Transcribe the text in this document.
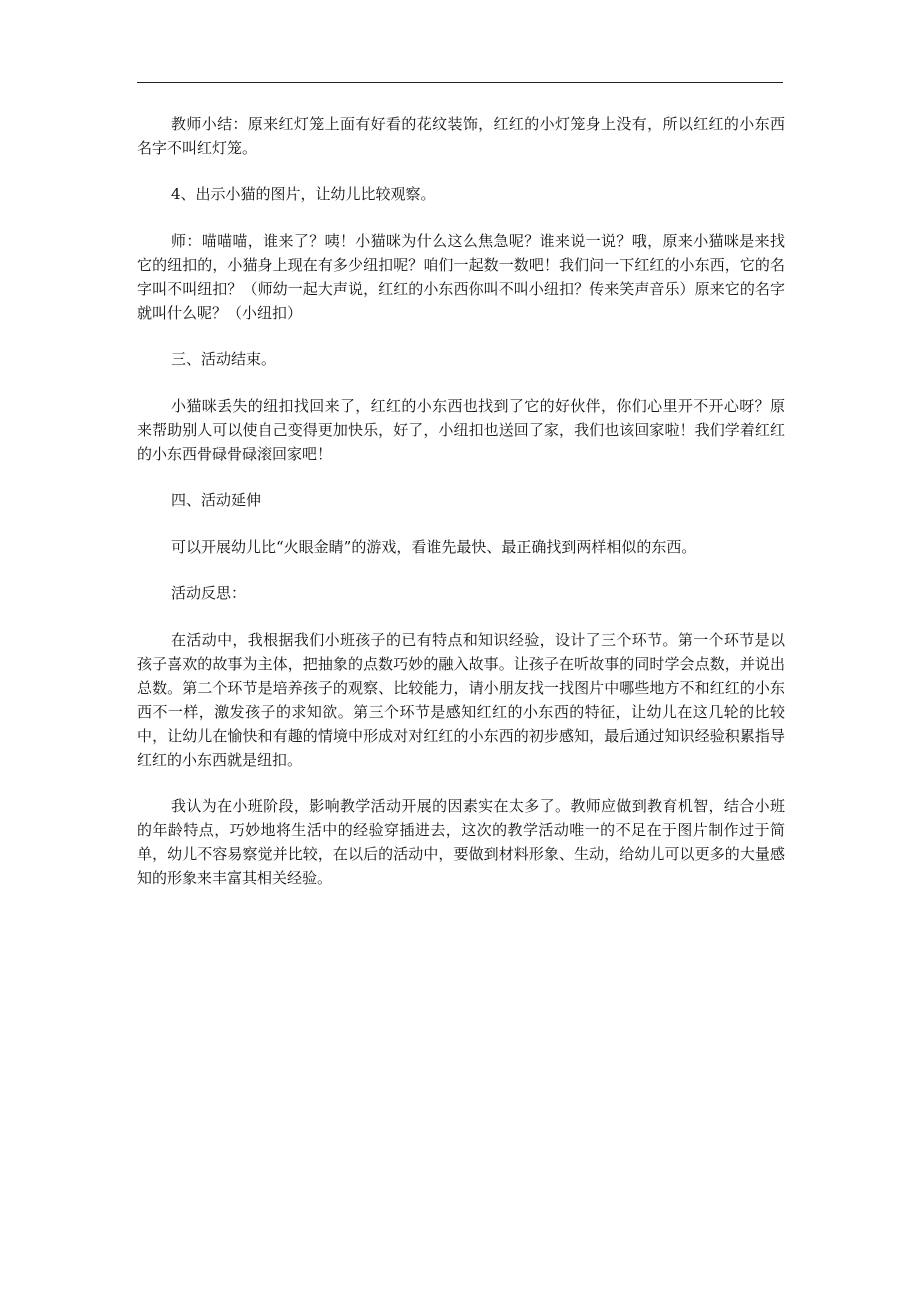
教师小结：原来红灯笼上面有好看的花纹装饰，红红的小灯笼身上没有，所以红红的小东西名字不叫红灯笼。

4、出示小猫的图片，让幼儿比较观察。

师：喵喵喵，谁来了？咦！小猫咪为什么这么焦急呢？谁来说一说？哦，原来小猫咪是来找它的纽扣的，小猫身上现在有多少纽扣呢？咱们一起数一数吧！我们问一下红红的小东西，它的名字叫不叫纽扣？（师幼一起大声说，红红的小东西你叫不叫小纽扣？传来笑声音乐）原来它的名字就叫什么呢？（小纽扣）

三、活动结束。

小猫咪丢失的纽扣找回来了，红红的小东西也找到了它的好伙伴，你们心里开不开心呀？原来帮助别人可以使自己变得更加快乐，好了，小纽扣也送回了家，我们也该回家啦！我们学着红红的小东西骨碌骨碌滚回家吧！

四、活动延伸

可以开展幼儿比“火眼金睛”的游戏，看谁先最快、最正确找到两样相似的东西。

活动反思：

在活动中，我根据我们小班孩子的已有特点和知识经验，设计了三个环节。第一个环节是以孩子喜欢的故事为主体，把抽象的点数巧妙的融入故事。让孩子在听故事的同时学会点数，并说出总数。第二个环节是培养孩子的观察、比较能力，请小朋友找一找图片中哪些地方不和红红的小东西不一样，激发孩子的求知欲。第三个环节是感知红红的小东西的特征，让幼儿在这几轮的比较中，让幼儿在愉快和有趣的情境中形成对对红红的小东西的初步感知，最后通过知识经验积累指导红红的小东西就是纽扣。

我认为在小班阶段，影响教学活动开展的因素实在太多了。教师应做到教育机智，结合小班的年龄特点，巧妙地将生活中的经验穿插进去，这次的教学活动唯一的不足在于图片制作过于简单，幼儿不容易察觉并比较，在以后的活动中，要做到材料形象、生动，给幼儿可以更多的大量感知的形象来丰富其相关经验。
